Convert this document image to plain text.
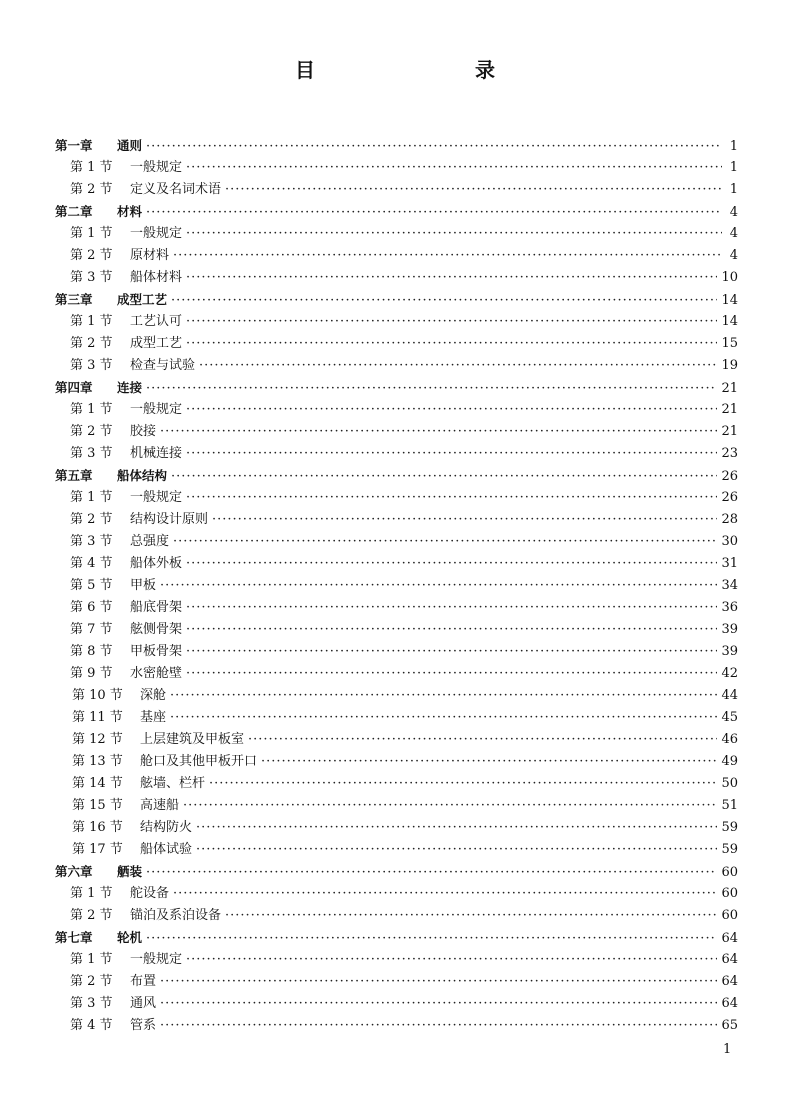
目　　录
第一章	通则 ·····	1
第 1 节	一般规定 ·····	1
第 2 节	定义及名词术语 ·····	1
第二章	材料 ·····	4
第 1 节	一般规定 ·····	4
第 2 节	原材料 ·····	4
第 3 节	船体材料 ·····	10
第三章	成型工艺 ·····	14
第 1 节	工艺认可 ·····	14
第 2 节	成型工艺 ·····	15
第 3 节	检查与试验 ·····	19
第四章	连接 ·····	21
第 1 节	一般规定 ·····	21
第 2 节	胶接 ·····	21
第 3 节	机械连接 ·····	23
第五章	船体结构 ·····	26
第 1 节	一般规定 ·····	26
第 2 节	结构设计原则 ·····	28
第 3 节	总强度 ·····	30
第 4 节	船体外板 ·····	31
第 5 节	甲板 ·····	34
第 6 节	船底骨架 ·····	36
第 7 节	舷侧骨架 ·····	39
第 8 节	甲板骨架 ·····	39
第 9 节	水密舱壁 ·····	42
第 10 节	深舱 ·····	44
第 11 节	基座 ·····	45
第 12 节	上层建筑及甲板室 ·····	46
第 13 节	舱口及其他甲板开口 ·····	49
第 14 节	舷墙、栏杆 ·····	50
第 15 节	高速船 ·····	51
第 16 节	结构防火 ·····	59
第 17 节	船体试验 ·····	59
第六章	舾装 ·····	60
第 1 节	舵设备 ·····	60
第 2 节	锚泊及系泊设备 ·····	60
第七章	轮机 ·····	64
第 1 节	一般规定 ·····	64
第 2 节	布置 ·····	64
第 3 节	通风 ·····	64
第 4 节	管系 ·····	65
1
